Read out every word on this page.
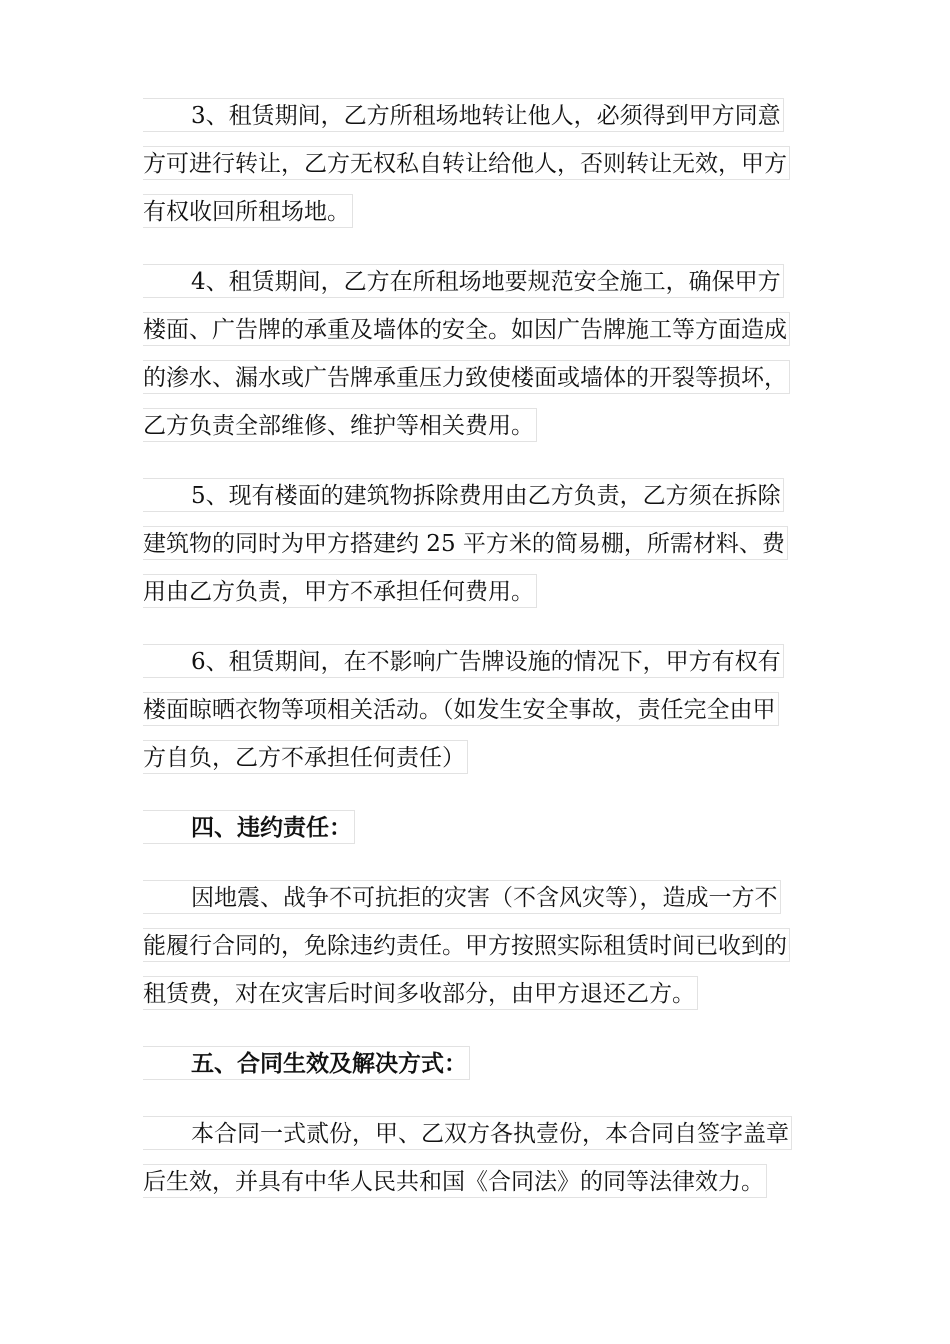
3、租赁期间，乙方所租场地转让他人，必须得到甲方同意
方可进行转让，乙方无权私自转让给他人，否则转让无效，甲方
有权收回所租场地。
4、租赁期间，乙方在所租场地要规范安全施工，确保甲方
楼面、广告牌的承重及墙体的安全。如因广告牌施工等方面造成
的渗水、漏水或广告牌承重压力致使楼面或墙体的开裂等损坏，
乙方负责全部维修、维护等相关费用。
5、现有楼面的建筑物拆除费用由乙方负责，乙方须在拆除
建筑物的同时为甲方搭建约 25 平方米的简易棚，所需材料、费
用由乙方负责，甲方不承担任何费用。
6、租赁期间，在不影响广告牌设施的情况下，甲方有权有
楼面晾晒衣物等项相关活动。（如发生安全事故，责任完全由甲
方自负，乙方不承担任何责任）
四、违约责任：
因地震、战争不可抗拒的灾害（不含风灾等），造成一方不
能履行合同的，免除违约责任。甲方按照实际租赁时间已收到的
租赁费，对在灾害后时间多收部分，由甲方退还乙方。
五、合同生效及解决方式：
本合同一式贰份，甲、乙双方各执壹份，本合同自签字盖章
后生效，并具有中华人民共和国《合同法》的同等法律效力。
